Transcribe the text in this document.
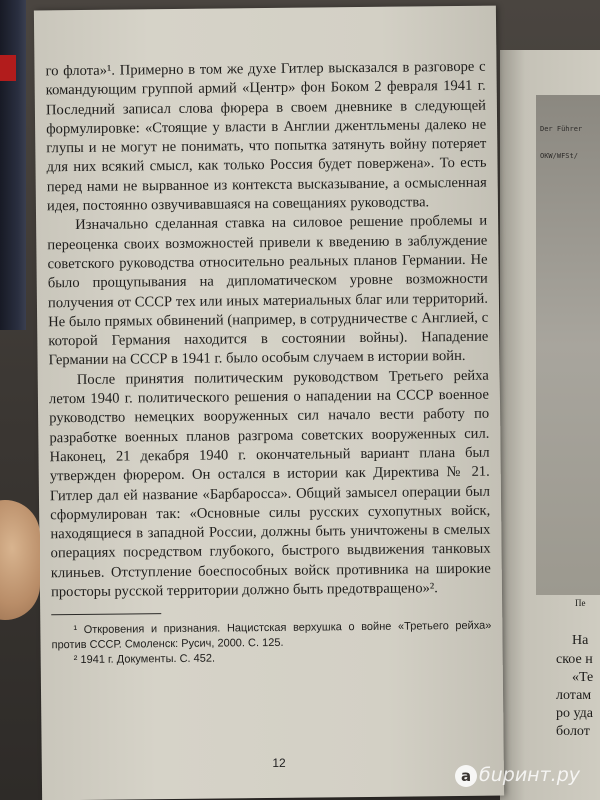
Der Führer
OKW/WFSt/
Пе
На
ское н
«Те
лотам
ро уда
болот

го флота»¹. Примерно в том же духе Гитлер высказался в разговоре с командующим группой армий «Центр» фон Боком 2 февраля 1941 г. Последний записал слова фюрера в своем дневнике в следующей формулировке: «Стоящие у власти в Англии джентльмены далеко не глупы и не могут не понимать, что попытка затянуть войну потеряет для них всякий смысл, как только Россия будет повержена». То есть перед нами не вырванное из контекста высказывание, а осмысленная идея, постоянно озвучивавшаяся на совещаниях руководства.

Изначально сделанная ставка на силовое решение проблемы и переоценка своих возможностей привели к введению в заблуждение советского руководства относительно реальных планов Германии. Не было прощупывания на дипломатическом уровне возможности получения от СССР тех или иных материальных благ или территорий. Не было прямых обвинений (например, в сотрудничестве с Англией, с которой Германия находится в состоянии войны). Нападение Германии на СССР в 1941 г. было особым случаем в истории войн.

После принятия политическим руководством Третьего рейха летом 1940 г. политического решения о нападении на СССР военное руководство немецких вооруженных сил начало вести работу по разработке военных планов разгрома советских вооруженных сил. Наконец, 21 декабря 1940 г. окончательный вариант плана был утвержден фюрером. Он остался в истории как Директива № 21. Гитлер дал ей название «Барбаросса». Общий замысел операции был сформулирован так: «Основные силы русских сухопутных войск, находящиеся в западной России, должны быть уничтожены в смелых операциях посредством глубокого, быстрого выдвижения танковых клиньев. Отступление боеспособных войск противника на широкие просторы русской территории должно быть предотвращено»².

¹ Откровения и признания. Нацистская верхушка о войне «Третьего рейха» против СССР. Смоленск: Русич, 2000. С. 125.

² 1941 г. Документы. С. 452.

12
а бuринт.ру
